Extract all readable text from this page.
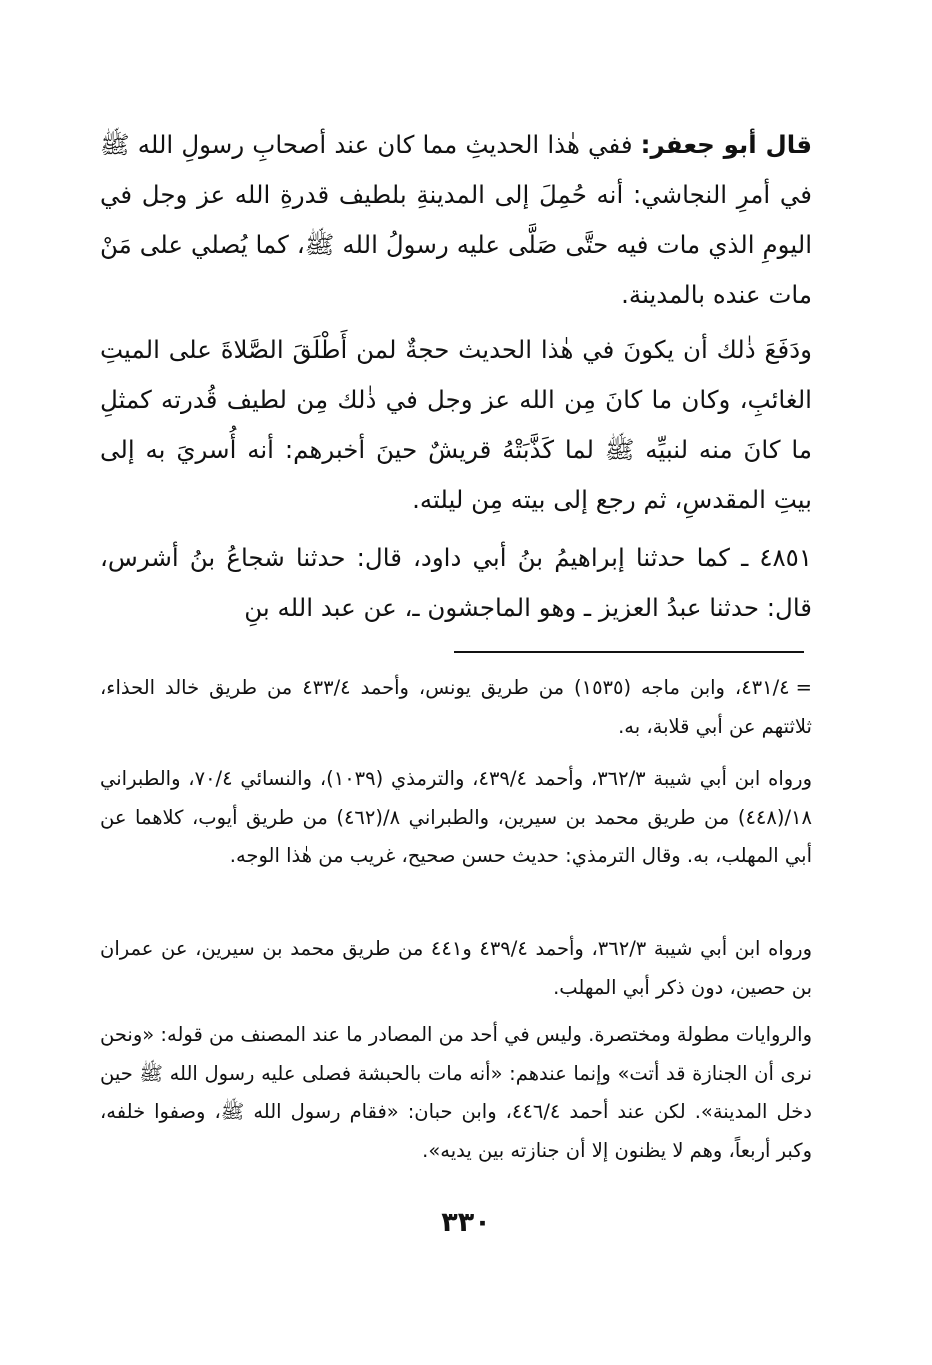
قال أبو جعفر: ففي هٰذا الحديثِ مما كان عند أصحابِ رسولِ الله ﷺ في أمرِ النجاشي: أنه حُمِلَ إلى المدينةِ بلطيف قدرةِ الله عز وجل في اليومِ الذي مات فيه حتَّى صَلَّى عليه رسولُ الله ﷺ، كما يُصلي على مَنْ مات عنده بالمدينة.

ودَفَعَ ذٰلك أن يكونَ في هٰذا الحديث حجةٌ لمن أَطْلَقَ الصَّلاةَ على الميتِ الغائبِ، وكان ما كانَ مِن الله عز وجل في ذٰلك مِن لطيف قُدرته كمثلِ ما كانَ منه لنبيِّه ﷺ لما كَذَّبَتْهُ قريشٌ حينَ أخبرهم: أنه أُسريَ به إلى بيتِ المقدسِ، ثم رجع إلى بيته مِن ليلته.

٤٨٥١ ـ كما حدثنا إبراهيمُ بنُ أبي داود، قال: حدثنا شجاعُ بنُ أشرس، قال: حدثنا عبدُ العزيز ـ وهو الماجشون ـ، عن عبد الله بنِ

=٤٣١/٤، وابن ماجه (١٥٣٥) من طريق يونس، وأحمد ٤٣٣/٤ من طريق خالد الحذاء، ثلاثتهم عن أبي قلابة، به.

ورواه ابن أبي شيبة ٣٦٢/٣، وأحمد ٤٣٩/٤، والترمذي (١٠٣٩)، والنسائي ٧٠/٤، والطبراني ١٨/(٤٤٨) من طريق محمد بن سيرين، والطبراني ٨/(٤٦٢) من طريق أيوب، كلاهما عن أبي المهلب، به. وقال الترمذي: حديث حسن صحيح، غريب من هٰذا الوجه.

ورواه ابن أبي شيبة ٣٦٢/٣، وأحمد ٤٣٩/٤ و٤٤١ من طريق محمد بن سيرين، عن عمران بن حصين، دون ذكر أبي المهلب.

والروايات مطولة ومختصرة. وليس في أحد من المصادر ما عند المصنف من قوله: «ونحن نرى أن الجنازة قد أتت» وإنما عندهم: «أنه مات بالحبشة فصلى عليه رسول الله ﷺ حين دخل المدينة». لكن عند أحمد ٤٤٦/٤، وابن حبان: «فقام رسول الله ﷺ، وصفوا خلفه، وكبر أربعاً، وهم لا يظنون إلا أن جنازته بين يديه».

٣٣٠
